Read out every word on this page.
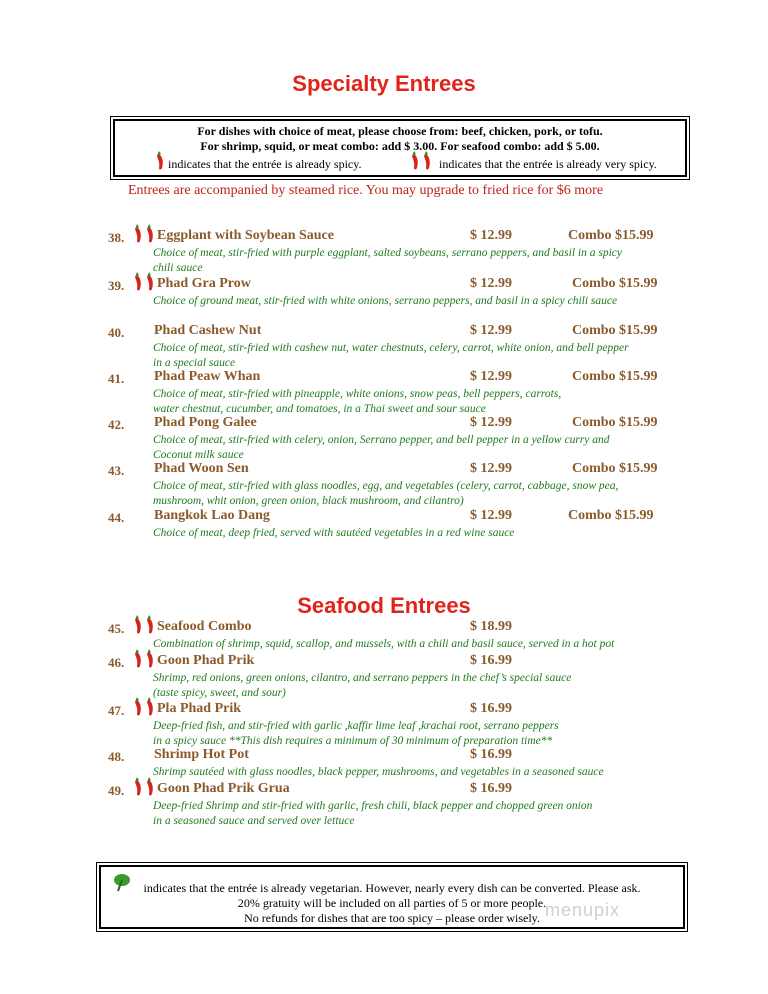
Specialty Entrees
For dishes with choice of meat, please choose from: beef, chicken, pork, or tofu.
For shrimp, squid, or meat combo: add $ 3.00. For seafood combo: add $ 5.00.
indicates that the entrée is already spicy.	indicates that the entrée is already very spicy.
Entrees are accompanied by steamed rice. You may upgrade to fried rice for $6 more
38. Eggplant with Soybean Sauce	$ 12.99	Combo $15.99
Choice of meat, stir-fried with purple eggplant, salted soybeans, serrano peppers, and basil in a spicy
chili sauce
39. Phad Gra Prow	$ 12.99	Combo $15.99
Choice of ground meat, stir-fried with white onions, serrano peppers, and basil in a spicy chili sauce
40. Phad Cashew Nut	$ 12.99	Combo $15.99
Choice of meat, stir-fried with cashew nut, water chestnuts, celery, carrot, white onion, and bell pepper
in a special sauce
41. Phad Peaw Whan	$ 12.99	Combo $15.99
Choice of meat, stir-fried with pineapple, white onions, snow peas, bell peppers, carrots,
water chestnut, cucumber, and tomatoes, in a Thai sweet and sour sauce
42. Phad Pong Galee	$ 12.99	Combo $15.99
Choice of meat, stir-fried with celery, onion, Serrano pepper, and bell pepper in a yellow curry and
Coconut milk sauce
43. Phad Woon Sen	$ 12.99	Combo $15.99
Choice of meat, stir-fried with glass noodles, egg, and vegetables (celery, carrot, cabbage, snow pea,
mushroom, whit onion, green onion, black mushroom, and cilantro)
44. Bangkok Lao Dang	$ 12.99	Combo $15.99
Choice of meat, deep fried, served with sautéed vegetables in a red wine sauce
Seafood Entrees
45. Seafood Combo	$ 18.99
Combination of shrimp, squid, scallop, and mussels, with a chili and basil sauce, served in a hot pot
46. Goon Phad Prik	$ 16.99
Shrimp, red onions, green onions, cilantro, and serrano peppers in the chef’s special sauce
(taste spicy, sweet, and sour)
47. Pla Phad Prik	$ 16.99
Deep-fried fish, and stir-fried with garlic ,kaffir lime leaf ,krachai root, serrano peppers
in a spicy sauce **This dish requires a minimum of 30 minimum of preparation time**
48. Shrimp Hot Pot	$ 16.99
Shrimp sautéed with glass noodles, black pepper, mushrooms, and vegetables in a seasoned sauce
49. Goon Phad Prik Grua	$ 16.99
Deep-fried Shrimp and stir-fried with garlic, fresh chili, black pepper and chopped green onion
in a seasoned sauce and served over lettuce
indicates that the entrée is already vegetarian. However, nearly every dish can be converted. Please ask.
20% gratuity will be included on all parties of 5 or more people.
No refunds for dishes that are too spicy – please order wisely. menupix
